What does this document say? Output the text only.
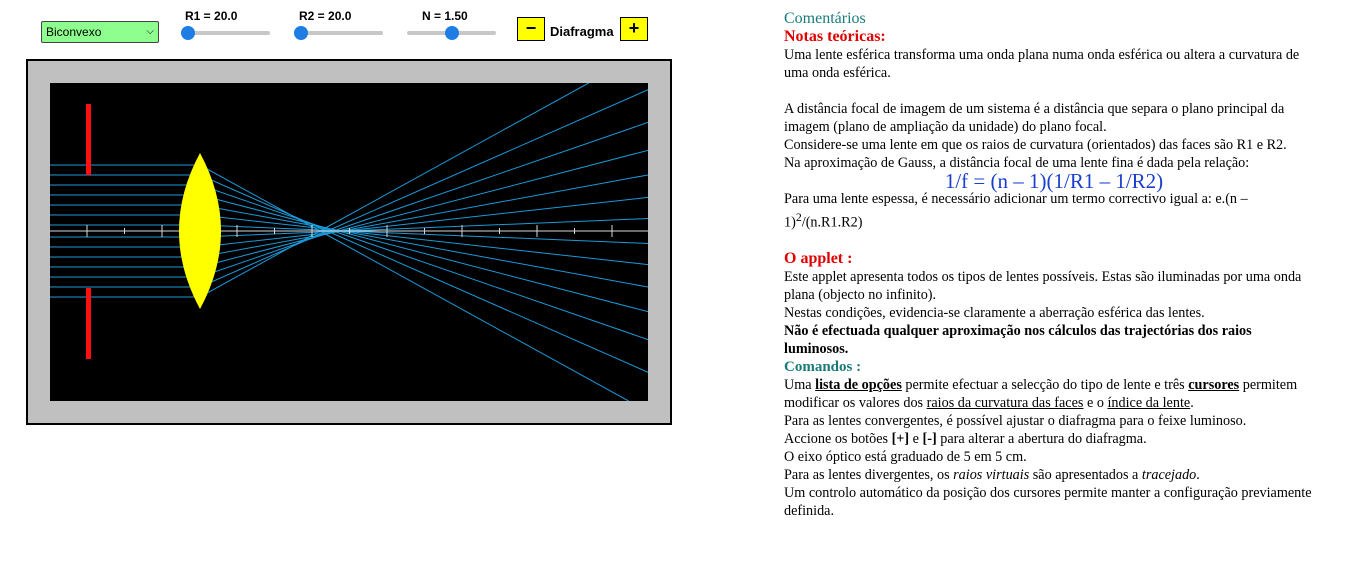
Biconvexo	⌵
R1 = 20.0	R2 = 20.0	N = 1.50
−	Diafragma +	Comentários

Notas teóricas:

Uma lente esférica transforma uma onda plana numa onda esférica ou altera a curvatura de uma onda esférica.

A distância focal de imagem de um sistema é a distância que separa o plano principal da imagem (plano de ampliação da unidade) do plano focal.

Considere-se uma lente em que os raios de curvatura (orientados) das faces são R1 e R2.

Na aproximação de Gauss, a distância focal de uma lente fina é dada pela relação:

1/f = (n – 1)(1/R1 – 1/R2)

Para uma lente espessa, é necessário adicionar um termo correctivo igual a: e.(n – 1)$^2$/(n.R1.R2)

O applet :

Este applet apresenta todos os tipos de lentes possíveis. Estas são iluminadas por uma onda plana (objecto no infinito).

Nestas condições, evidencia-se claramente a aberração esférica das lentes.

Não é efectuada qualquer aproximação nos cálculos das trajectórias dos raios luminosos.

Comandos :

Uma lista de opções permite efectuar a selecção do tipo de lente e três cursores permitem modificar os valores dos raios da curvatura das faces e o índice da lente.

Para as lentes convergentes, é possível ajustar o diafragma para o feixe luminoso.

Accione os botões [+] e [-] para alterar a abertura do diafragma.

O eixo óptico está graduado de 5 em 5 cm.

Para as lentes divergentes, os raios virtuais são apresentados a tracejado.

Um controlo automático da posição dos cursores permite manter a configuração previamente definida.
